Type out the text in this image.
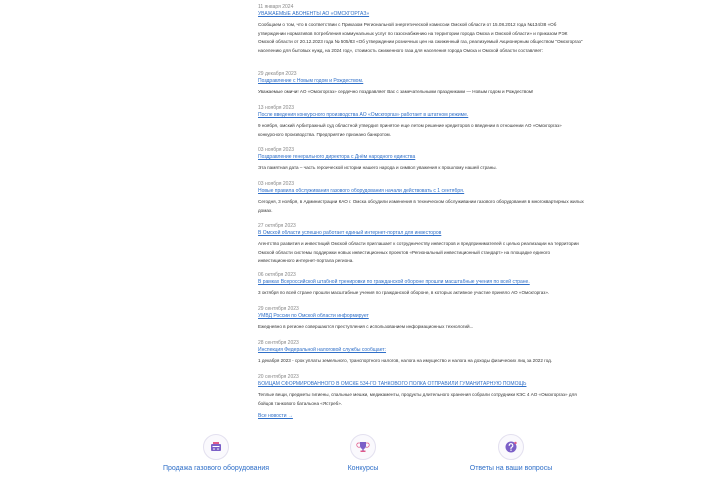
11 января 2024
УВАЖАЕМЫЕ АБОНЕНТЫ АО «ОМСКГОРГАЗ»
Сообщаем о том, что в соответствии с Приказом Региональной энергетической комиссии Омской области от 15.08.2012 года №134/38 «Об утверждении нормативов потребления коммунальных услуг по газоснабжению на территории города Омска и Омской области» и приказом РЭК Омской области от 20.12.2023 года № 505/83 «Об утверждении розничных цен на сжиженный газ, реализуемый Акционерным обществом "Омскгоргаз" населению для бытовых нужд, на 2024 год», стоимость сжиженного газа для населения города Омска и Омской области составляет:
29 декабря 2023
Поздравление с Новым годом и Рождеством.
Уважаемые омичи! АО «Омскгоргаз» сердечно поздравляет Вас с замечательными праздниками — Новым годом и Рождеством!
13 ноября 2023
После введения конкурсного производства АО «Омскгоргаз» работает в штатном режиме.
9 ноября, омский Арбитражный суд областной утвердил принятое еще летом решение кредиторов о введении в отношении АО «Омскгоргаз» конкурсного производства. Предприятие признано банкротом.
03 ноября 2023
Поздравление генерального директора с Днём народного единства
Эта памятная дата – часть героической истории нашего народа и символ уважения к прошлому нашей страны.
03 ноября 2023
Новые правила обслуживания газового оборудования начали действовать с 1 сентября.
Сегодня, 3 ноября, в Администрации КАО г. Омска обсудили изменения в техническом обслуживании газового оборудования в многоквартирных жилых домах.
27 октября 2023
В Омской области успешно работает единый интернет-портал для инвесторов
Агентство развития и инвестиций Омской области приглашает к сотрудничеству инвесторов и предпринимателей с целью реализации на территории Омской области системы поддержки новых инвестиционных проектов «Региональный инвестиционный стандарт» на площадке единого инвестиционного интернет-портала региона.
06 октября 2023
В рамках Всероссийской штабной тренировки по гражданской обороне прошли масштабные учения по всей стране.
3 октября по всей стране прошли масштабные учения по гражданской обороне, в которых активное участие приняло АО «Омскгоргаз».
29 сентября 2023
УМВД России по Омской области информирует
Ежедневно в регионе совершаются преступления с использованием информационных технологий...
28 сентября 2023
Инспекция Федеральной налоговой службы сообщает:
1 декабря 2023 - срок уплаты земельного, транспортного налогов, налога на имущество и налога на доходы физических лиц за 2022 год.
20 сентября 2023
БОЙЦАМ СФОРМИРОВАННОГО В ОМСКЕ 534-ГО ТАНКОВОГО ПОЛКА ОТПРАВИЛИ ГУМАНИТАРНУЮ ПОМОЩЬ
Теплые вещи, предметы гигиены, спальные мешки, медикаменты, продукты длительного хранения собрали сотрудники КЭС 4 АО «Омскгоргаз» для бойцов танкового батальона «Ястреб».
Все новости →
Продажа газового оборудования	Конкурсы	Ответы на ваши вопросы
